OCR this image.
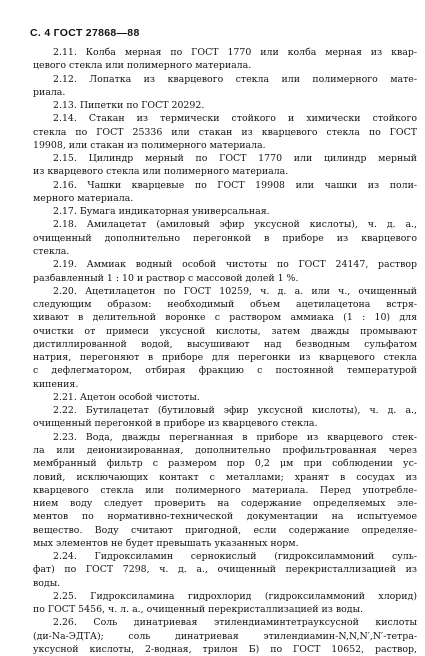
С. 4 ГОСТ 27868—88
2.11. Колба мерная по ГОСТ 1770 или колба мерная из квар-
цевого стекла или полимерного материала.
2.12. Лопатка из кварцевого стекла или полимерного мате-
риала.
2.13. Пипетки по ГОСТ 20292.
2.14. Стакан из термически стойкого и химически стойкого
стекла по ГОСТ 25336 или стакан из кварцевого стекла по ГОСТ
19908, или стакан из полимерного материала.
2.15. Цилиндр мерный по ГОСТ 1770 или цилиндр мерный
из кварцевого стекла или полимерного материала.
2.16. Чашки кварцевые по ГОСТ 19908 или чашки из поли-
мерного материала.
2.17. Бумага индикаторная универсальная.
2.18. Амилацетат (амиловый эфир уксусной кислоты), ч. д. а.,
очищенный дополнительно перегонкой в приборе из кварцевого
стекла.
2.19. Аммиак водный особой чистоты по ГОСТ 24147, раствор
разбавленный 1 : 10 и раствор с массовой долей 1 %.
2.20. Ацетилацетон по ГОСТ 10259, ч. д. а. или ч., очищенный
следующим образом: необходимый объем ацетилацетона встря-
хивают в делительной воронке с раствором аммиака (1 : 10) для
очистки от примеси уксусной кислоты, затем дважды промывают
дистиллированной водой, высушивают над безводным сульфатом
натрия, перегоняют в приборе для перегонки из кварцевого стекла
с дефлегматором, отбирая фракцию с постоянной температурой
кипения.
2.21. Ацетон особой чистоты.
2.22. Бутилацетат (бутиловый эфир уксусной кислоты), ч. д. а.,
очищенный перегонкой в приборе из кварцевого стекла.
2.23. Вода, дважды перегнанная в приборе из кварцевого стек-
ла или деионизированная, дополнительно профильтрованная через
мембранный фильтр с размером пор 0,2 μм при соблюдении ус-
ловий, исключающих контакт с металлами; хранят в сосудах из
кварцевого стекла или полимерного материала. Перед употребле-
нием воду следует проверить на содержание определяемых эле-
ментов по нормативно-технической документации на испытуемое
вещество. Воду считают пригодной, если содержание определяе-
мых элементов не будет превышать указанных норм.
2.24. Гидроксиламин сернокислый (гидроксиламмоний суль-
фат) по ГОСТ 7298, ч. д. а., очищенный перекристаллизацией из
воды.
2.25. Гидроксиламина гидрохлорид (гидроксиламмоний хлорид)
по ГОСТ 5456, ч. л. а., очищенный перекристаллизацией из воды.
2.26. Соль динатриевая этилендиаминтетрауксусной кислоты
(ди-Na-ЭДТА); соль динатриевая этилендиамин-N,N,N′,N′-тетра-
уксусной кислоты, 2-водная, трилон Б) по ГОСТ 10652, раствор,
